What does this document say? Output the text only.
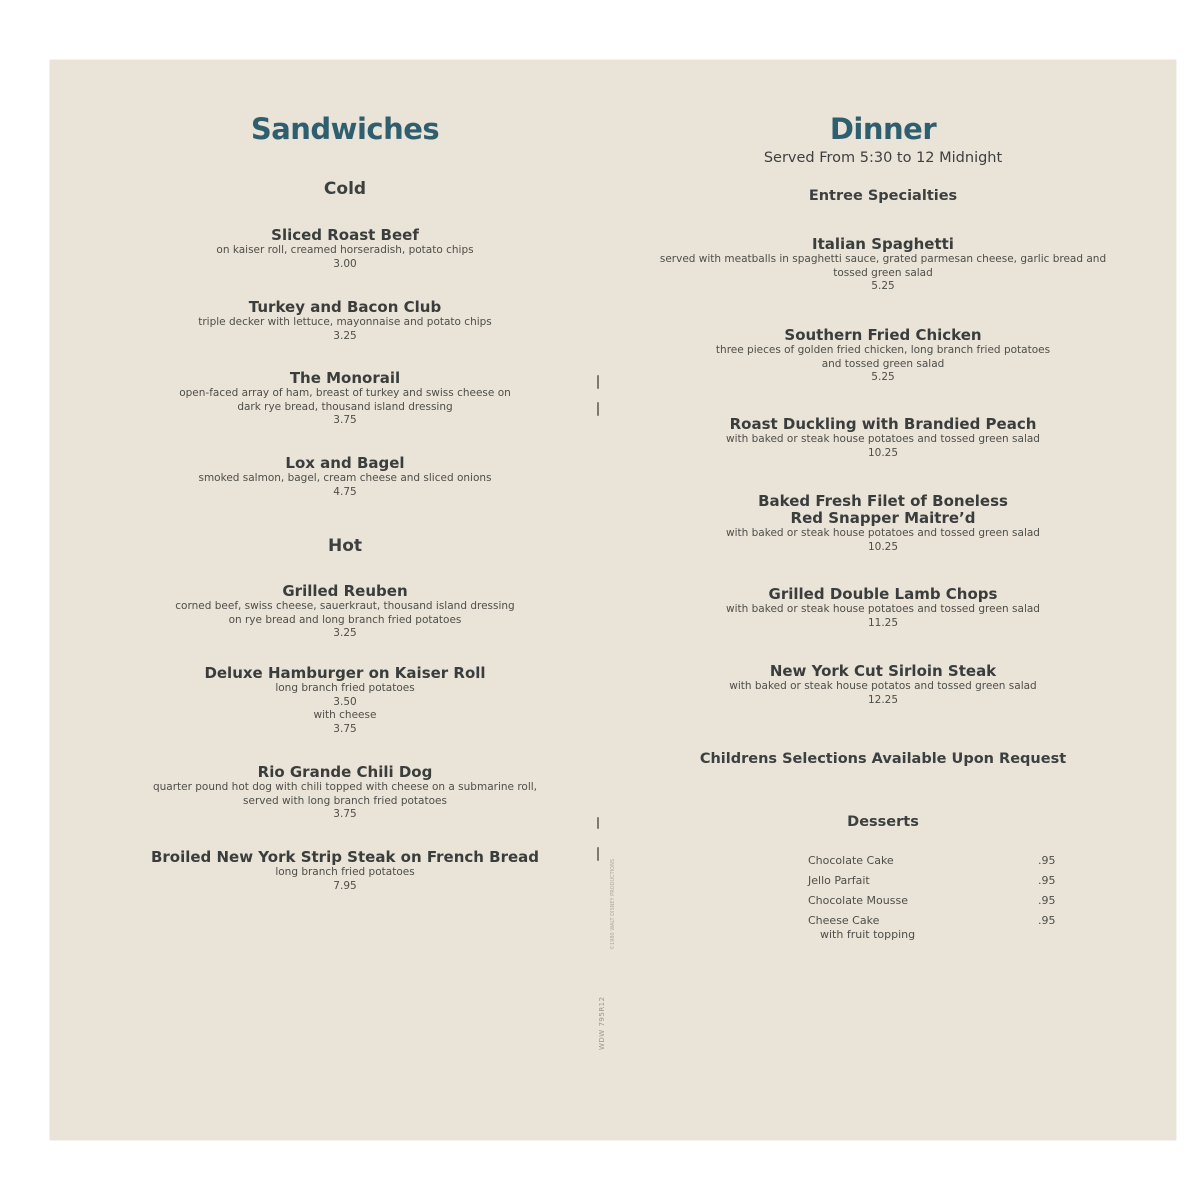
Sandwiches
Cold
Sliced Roast Beef
on kaiser roll, creamed horseradish, potato chips
3.00
Turkey and Bacon Club
triple decker with lettuce, mayonnaise and potato chips
3.25
The Monorail
open-faced array of ham, breast of turkey and swiss cheese on
dark rye bread, thousand island dressing
3.75
Lox and Bagel
smoked salmon, bagel, cream cheese and sliced onions
4.75
Hot
Grilled Reuben
corned beef, swiss cheese, sauerkraut, thousand island dressing
on rye bread and long branch fried potatoes
3.25
Deluxe Hamburger on Kaiser Roll
long branch fried potatoes
3.50
with cheese
3.75
Rio Grande Chili Dog
quarter pound hot dog with chili topped with cheese on a submarine roll,
served with long branch fried potatoes
3.75
Broiled New York Strip Steak on French Bread
long branch fried potatoes
7.95	©1980 WALT DISNEY PRODUCTIONS
WDW 795R12
Dinner
Served From 5:30 to 12 Midnight
Entree Specialties
Italian Spaghetti
served with meatballs in spaghetti sauce, grated parmesan cheese, garlic bread and
tossed green salad
5.25
Southern Fried Chicken
three pieces of golden fried chicken, long branch fried potatoes
and tossed green salad
5.25
Roast Duckling with Brandied Peach
with baked or steak house potatoes and tossed green salad
10.25
Baked Fresh Filet of Boneless
Red Snapper Maitre’d
with baked or steak house potatoes and tossed green salad
10.25
Grilled Double Lamb Chops
with baked or steak house potatoes and tossed green salad
11.25
New York Cut Sirloin Steak
with baked or steak house potatos and tossed green salad
12.25
Childrens Selections Available Upon Request
Desserts
Chocolate Cake	.95
Jello Parfait	.95
Chocolate Mousse	.95
Cheese Cake	.95
with fruit topping
